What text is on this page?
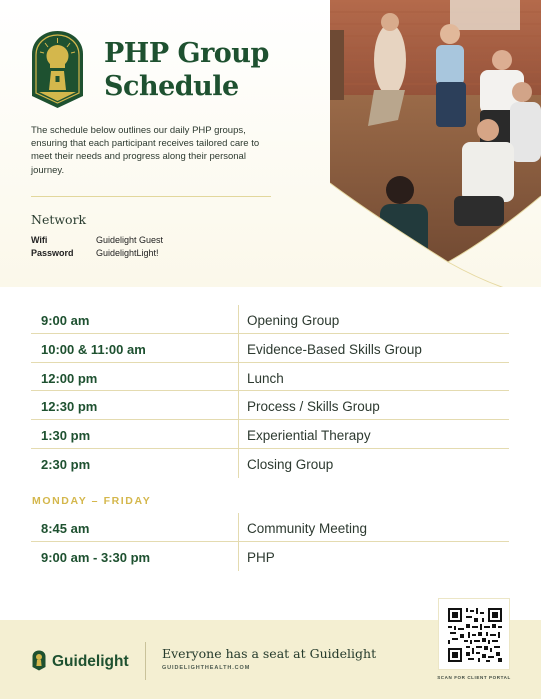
PHP Group
Schedule

The schedule below outlines our daily PHP groups, ensuring that each participant receives tailored care to meet their needs and progress along their personal journey.

Network
Wifi	Guidelight Guest
Password GuidelightLight!
9:00 am	Opening Group
10:00 & 11:00 am	Evidence-Based Skills Group
12:00 pm	Lunch
12:30 pm	Process / Skills Group
1:30 pm	Experiential Therapy
2:30 pm	Closing Group
MONDAY – FRIDAY
8:45 am	Community Meeting
9:00 am - 3:30 pm	PHP
Guidelight	Everyone has a seat at Guidelight
GUIDELIGHTHEALTH.COM
SCAN FOR CLIENT PORTAL
